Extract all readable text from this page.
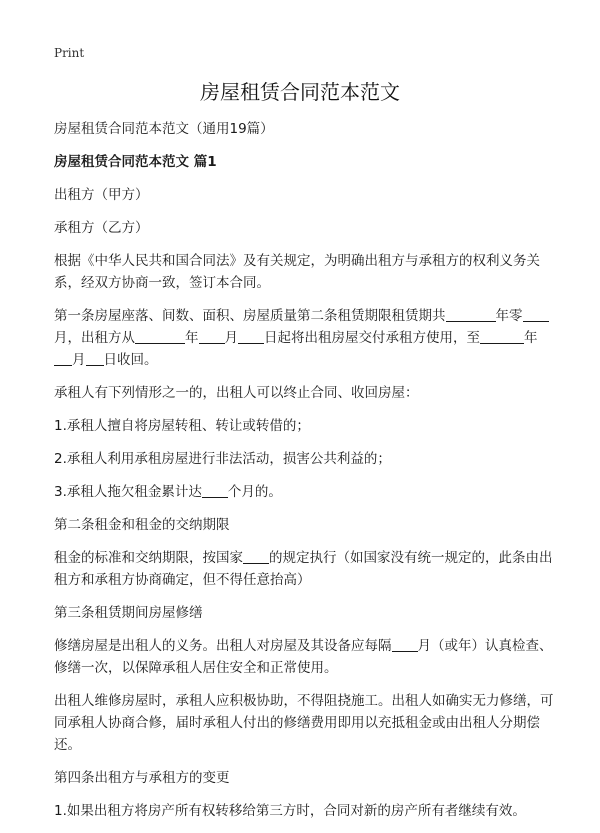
Print
房屋租赁合同范本范文

房屋租赁合同范本范文（通用19篇）

房屋租赁合同范本范文 篇1

出租方（甲方）

承租方（乙方）

根据《中华人民共和国合同法》及有关规定，为明确出租方与承租方的权利义务关系，经双方协商一致，签订本合同。

第一条房屋座落、间数、面积、房屋质量第二条租赁期限租赁期共	年零月，出租方从	年 月 日起将出租房屋交付承租方使用，至	年月 日收回。

承租人有下列情形之一的，出租人可以终止合同、收回房屋：

1.承租人擅自将房屋转租、转让或转借的；

2.承租人利用承租房屋进行非法活动，损害公共利益的；

3.承租人拖欠租金累计达 个月的。

第二条租金和租金的交纳期限

租金的标准和交纳期限，按国家 的规定执行（如国家没有统一规定的，此条由出租方和承租方协商确定，但不得任意抬高）

第三条租赁期间房屋修缮

修缮房屋是出租人的义务。出租人对房屋及其设备应每隔 月（或年）认真检查、修缮一次，以保障承租人居住安全和正常使用。

出租人维修房屋时，承租人应积极协助，不得阻挠施工。出租人如确实无力修缮，可同承租人协商合修，届时承租人付出的修缮费用即用以充抵租金或由出租人分期偿还。

第四条出租方与承租方的变更

1.如果出租方将房产所有权转移给第三方时，合同对新的房产所有者继续有效。
